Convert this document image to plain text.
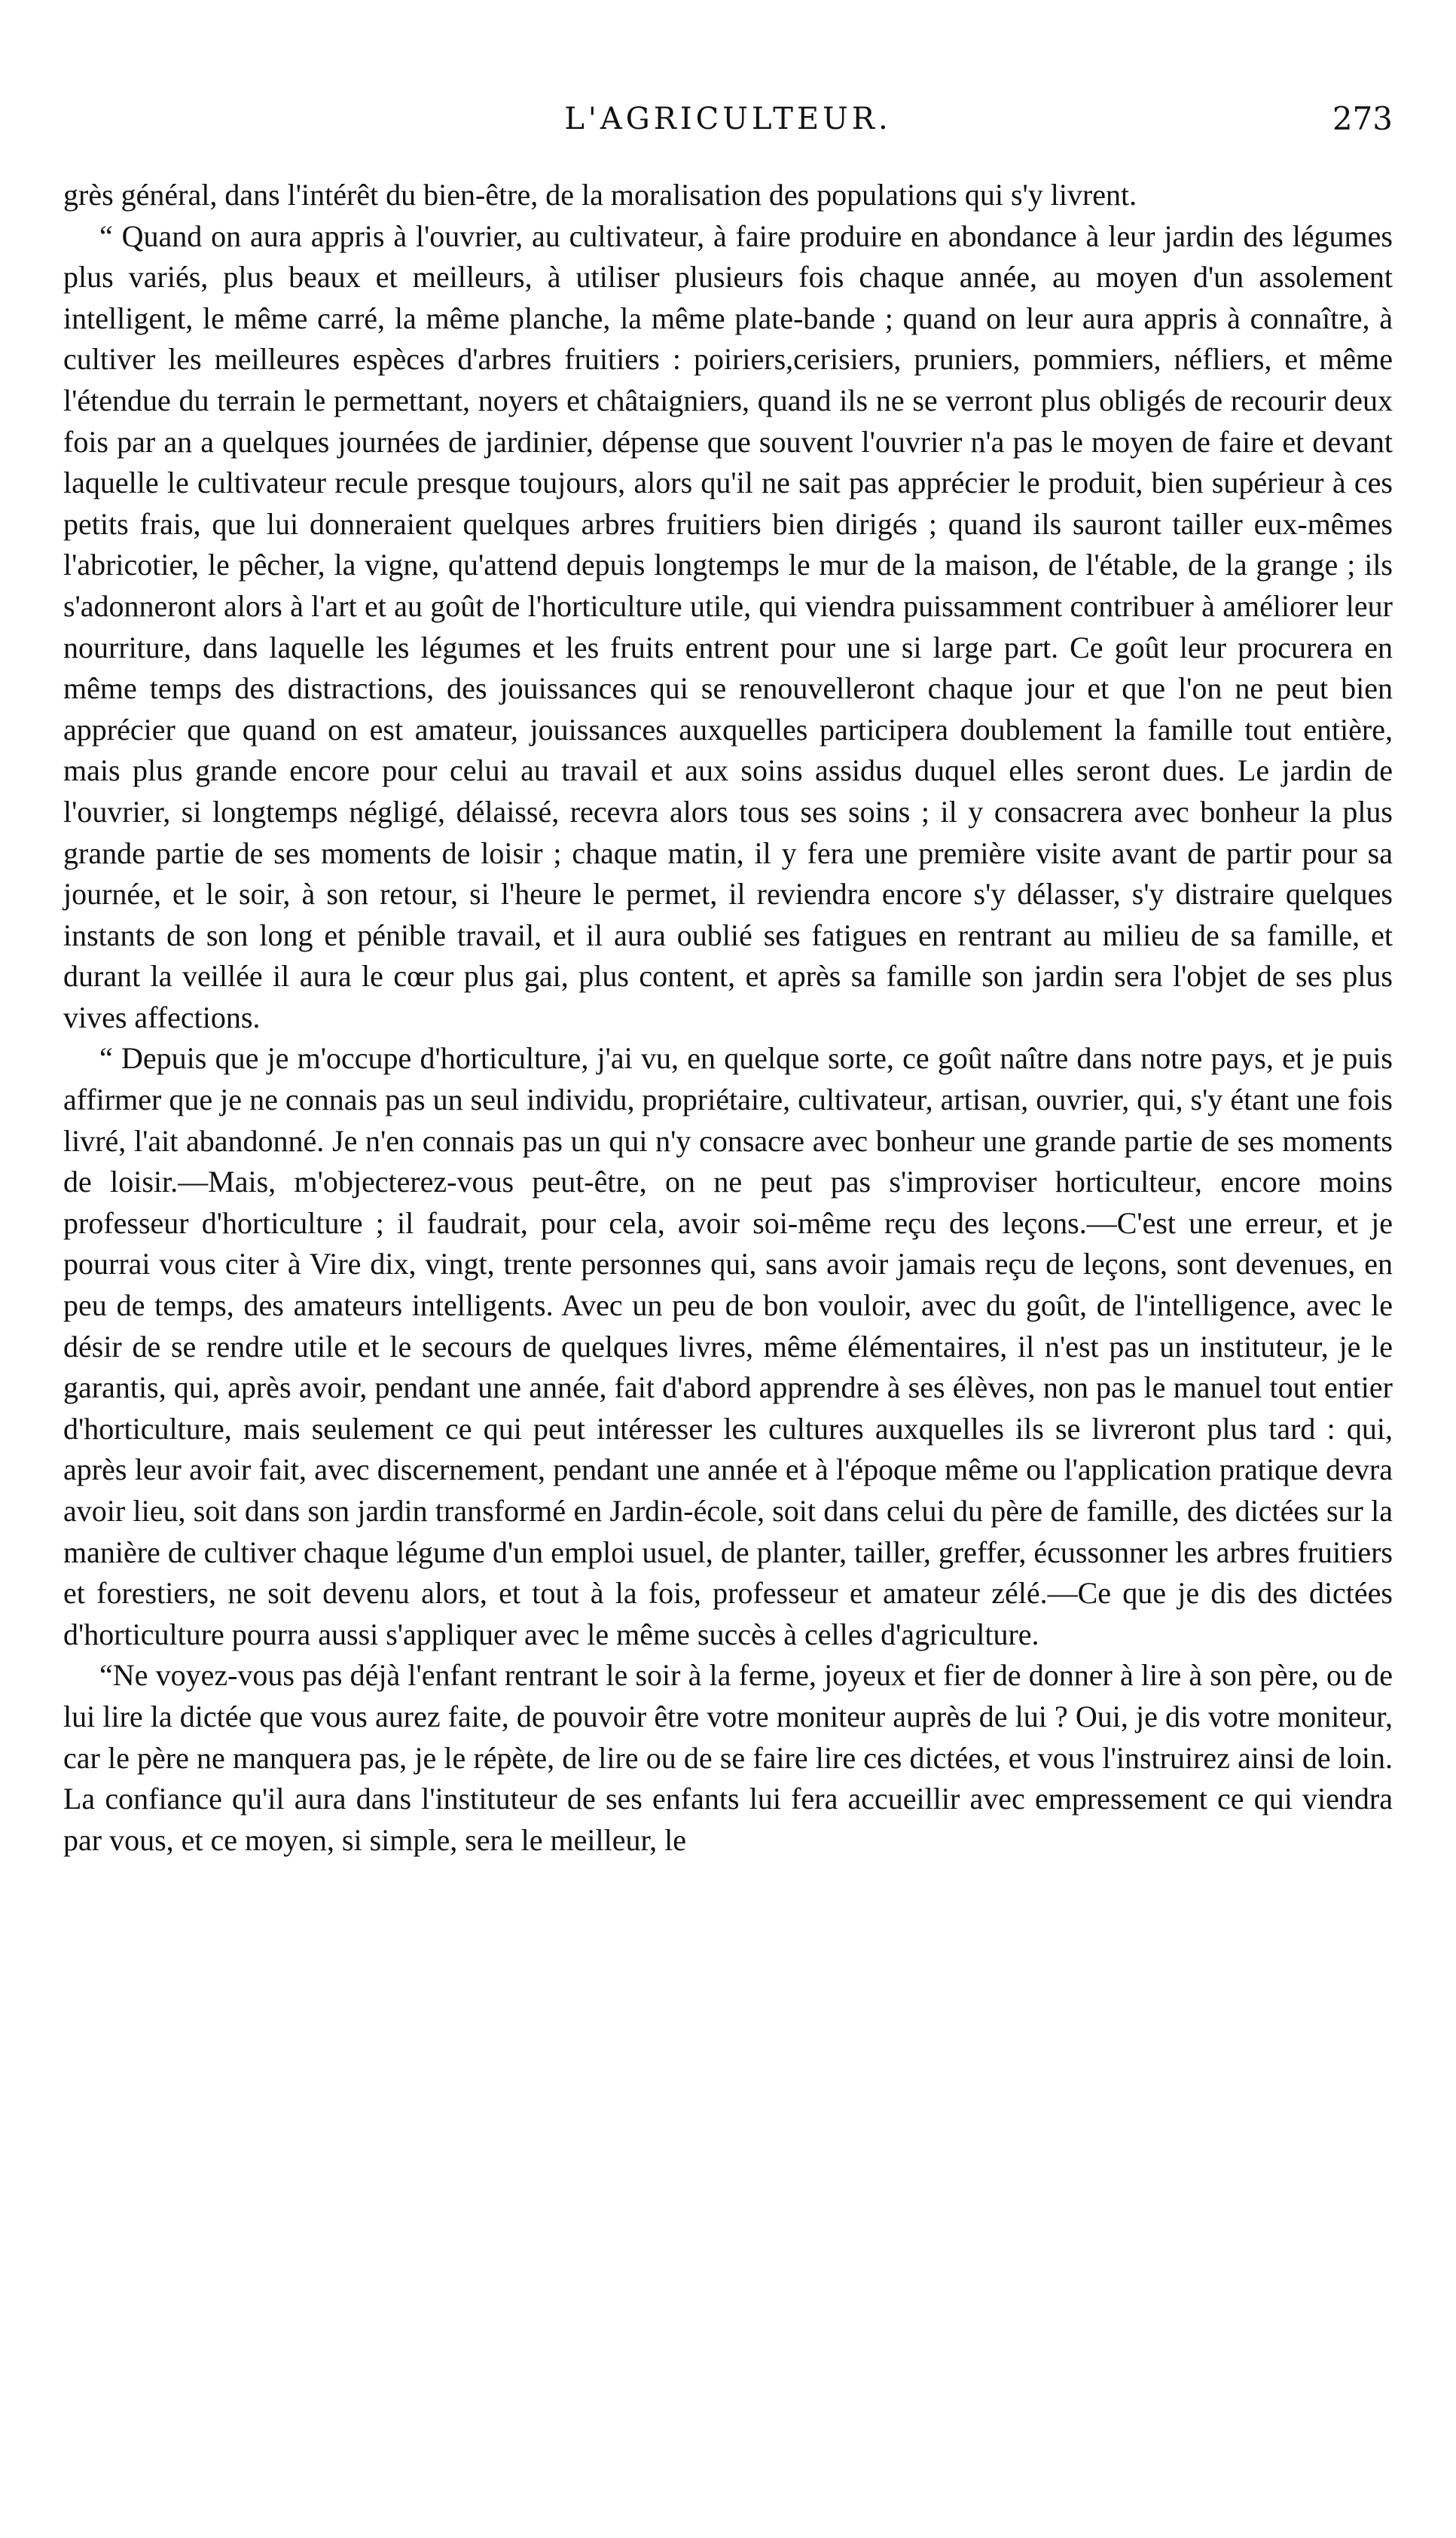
L'AGRICULTEUR.	273

grès général, dans l'intérêt du bien-être, de la moralisation des populations qui s'y livrent.

“ Quand on aura appris à l'ouvrier, au cultivateur, à faire produire en abondance à leur jardin des légumes plus variés, plus beaux et meilleurs, à utiliser plusieurs fois chaque année, au moyen d'un assolement intelligent, le même carré, la même planche, la même plate-bande ; quand on leur aura appris à connaître, à cultiver les meilleures espèces d'arbres fruitiers : poiriers,cerisiers, pruniers, pommiers, néfliers, et même l'étendue du terrain le permettant, noyers et châtaigniers, quand ils ne se verront plus obligés de recourir deux fois par an a quelques journées de jardinier, dépense que souvent l'ouvrier n'a pas le moyen de faire et devant laquelle le cultivateur recule presque toujours, alors qu'il ne sait pas apprécier le produit, bien supérieur à ces petits frais, que lui donneraient quelques arbres fruitiers bien dirigés ; quand ils sauront tailler eux-mêmes l'abricotier, le pêcher, la vigne, qu'attend depuis longtemps le mur de la maison, de l'étable, de la grange ; ils s'adonneront alors à l'art et au goût de l'horticulture utile, qui viendra puissamment contribuer à améliorer leur nourriture, dans laquelle les légumes et les fruits entrent pour une si large part. Ce goût leur procurera en même temps des distractions, des jouissances qui se renouvelleront chaque jour et que l'on ne peut bien apprécier que quand on est amateur, jouissances auxquelles participera doublement la famille tout entière, mais plus grande encore pour celui au travail et aux soins assidus duquel elles seront dues. Le jardin de l'ouvrier, si longtemps négligé, délaissé, recevra alors tous ses soins ; il y consacrera avec bonheur la plus grande partie de ses moments de loisir ; chaque matin, il y fera une première visite avant de partir pour sa journée, et le soir, à son retour, si l'heure le permet, il reviendra encore s'y délasser, s'y distraire quelques instants de son long et pénible travail, et il aura oublié ses fatigues en rentrant au milieu de sa famille, et durant la veillée il aura le cœur plus gai, plus content, et après sa famille son jardin sera l'objet de ses plus vives affections.

“ Depuis que je m'occupe d'horticulture, j'ai vu, en quelque sorte, ce goût naître dans notre pays, et je puis affirmer que je ne connais pas un seul individu, propriétaire, cultivateur, artisan, ouvrier, qui, s'y étant une fois livré, l'ait abandonné. Je n'en connais pas un qui n'y consacre avec bonheur une grande partie de ses moments de loisir.—Mais, m'objecterez-vous peut-être, on ne peut pas s'improviser horticulteur, encore moins professeur d'horticulture ; il faudrait, pour cela, avoir soi-même reçu des leçons.—C'est une erreur, et je pourrai vous citer à Vire dix, vingt, trente personnes qui, sans avoir jamais reçu de leçons, sont devenues, en peu de temps, des amateurs intelligents. Avec un peu de bon vouloir, avec du goût, de l'intelligence, avec le désir de se rendre utile et le secours de quelques livres, même élémentaires, il n'est pas un instituteur, je le garantis, qui, après avoir, pendant une année, fait d'abord apprendre à ses élèves, non pas le manuel tout entier d'horticulture, mais seulement ce qui peut intéresser les cultures auxquelles ils se livreront plus tard : qui, après leur avoir fait, avec discernement, pendant une année et à l'époque même ou l'application pratique devra avoir lieu, soit dans son jardin transformé en Jardin-école, soit dans celui du père de famille, des dictées sur la manière de cultiver chaque légume d'un emploi usuel, de planter, tailler, greffer, écussonner les arbres fruitiers et forestiers, ne soit devenu alors, et tout à la fois, professeur et amateur zélé.—Ce que je dis des dictées d'horticulture pourra aussi s'appliquer avec le même succès à celles d'agriculture.

“Ne voyez-vous pas déjà l'enfant rentrant le soir à la ferme, joyeux et fier de donner à lire à son père, ou de lui lire la dictée que vous aurez faite, de pouvoir être votre moniteur auprès de lui ? Oui, je dis votre moniteur, car le père ne manquera pas, je le répète, de lire ou de se faire lire ces dictées, et vous l'instruirez ainsi de loin. La confiance qu'il aura dans l'instituteur de ses enfants lui fera accueillir avec empressement ce qui viendra par vous, et ce moyen, si simple, sera le meilleur, le
